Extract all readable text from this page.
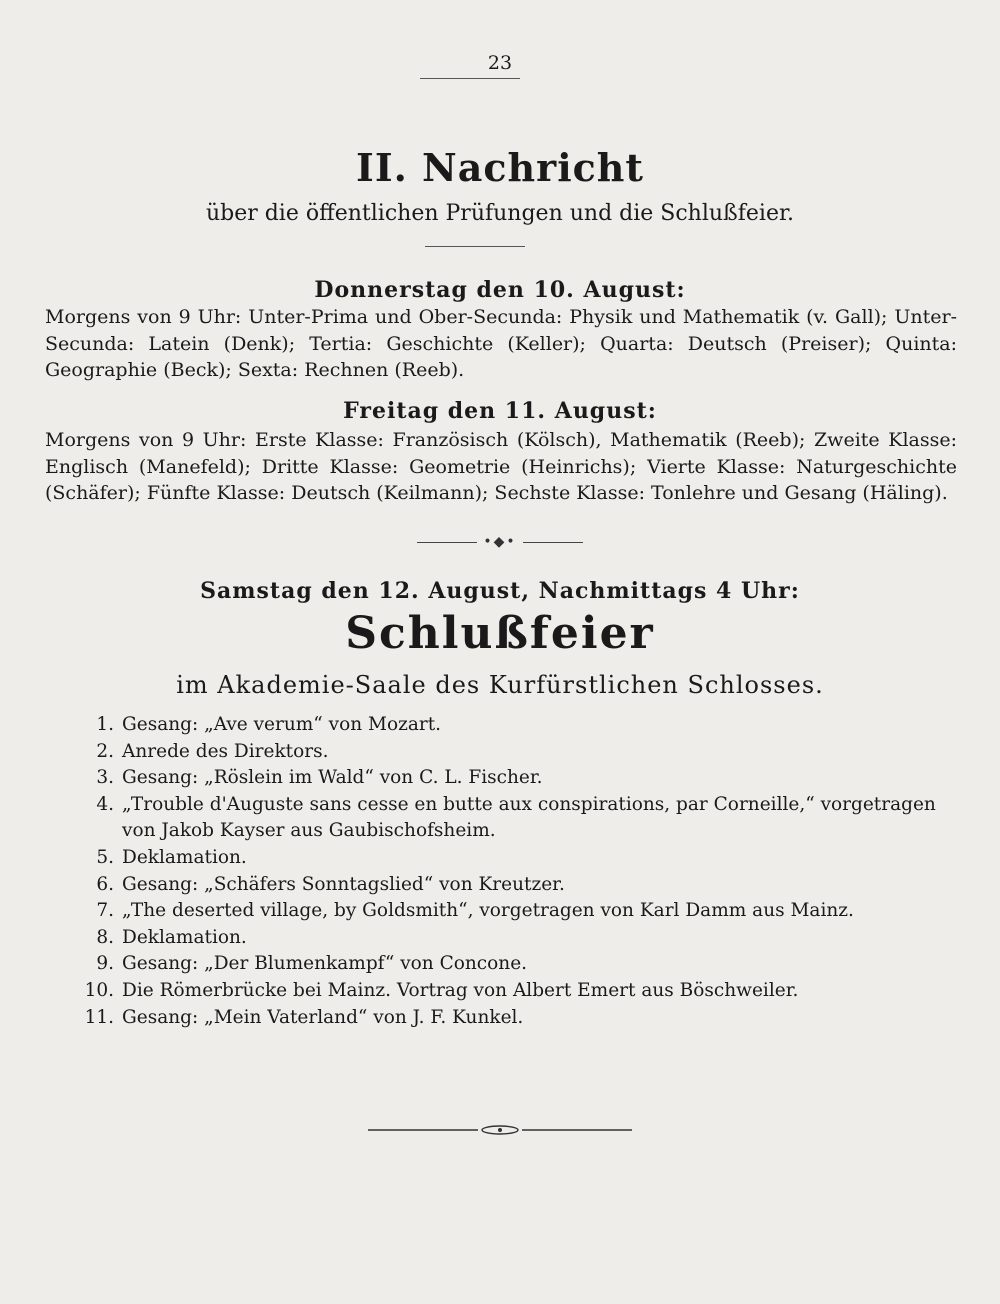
23
II. Nachricht
über die öffentlichen Prüfungen und die Schlußfeier.
Donnerstag den 10. August:
Morgens von 9 Uhr: Unter-Prima und Ober-Secunda: Physik und Mathematik (v. Gall); Unter-Secunda: Latein (Denk); Tertia: Geschichte (Keller); Quarta: Deutsch (Preiser); Quinta: Geographie (Beck); Sexta: Rechnen (Reeb).
Freitag den 11. August:
Morgens von 9 Uhr: Erste Klasse: Französisch (Kölsch), Mathematik (Reeb); Zweite Klasse: Englisch (Manefeld); Dritte Klasse: Geometrie (Heinrichs); Vierte Klasse: Naturgeschichte (Schäfer); Fünfte Klasse: Deutsch (Keilmann); Sechste Klasse: Tonlehre und Gesang (Häling).
•◆•
Samstag den 12. August, Nachmittags 4 Uhr:
Schlußfeier
im Akademie-Saale des Kurfürstlichen Schlosses.
1. Gesang: „Ave verum“ von Mozart.
2. Anrede des Direktors.
3. Gesang: „Röslein im Wald“ von C. L. Fischer.
4. „Trouble d'Auguste sans cesse en butte aux conspirations, par Corneille,“ vorgetragen von Jakob Kayser aus Gaubischofsheim.
5. Deklamation.
6. Gesang: „Schäfers Sonntagslied“ von Kreutzer.
7. „The deserted village, by Goldsmith“, vorgetragen von Karl Damm aus Mainz.
8. Deklamation.
9. Gesang: „Der Blumenkampf“ von Concone.
10. Die Römerbrücke bei Mainz. Vortrag von Albert Emert aus Böschweiler.
11. Gesang: „Mein Vaterland“ von J. F. Kunkel.
